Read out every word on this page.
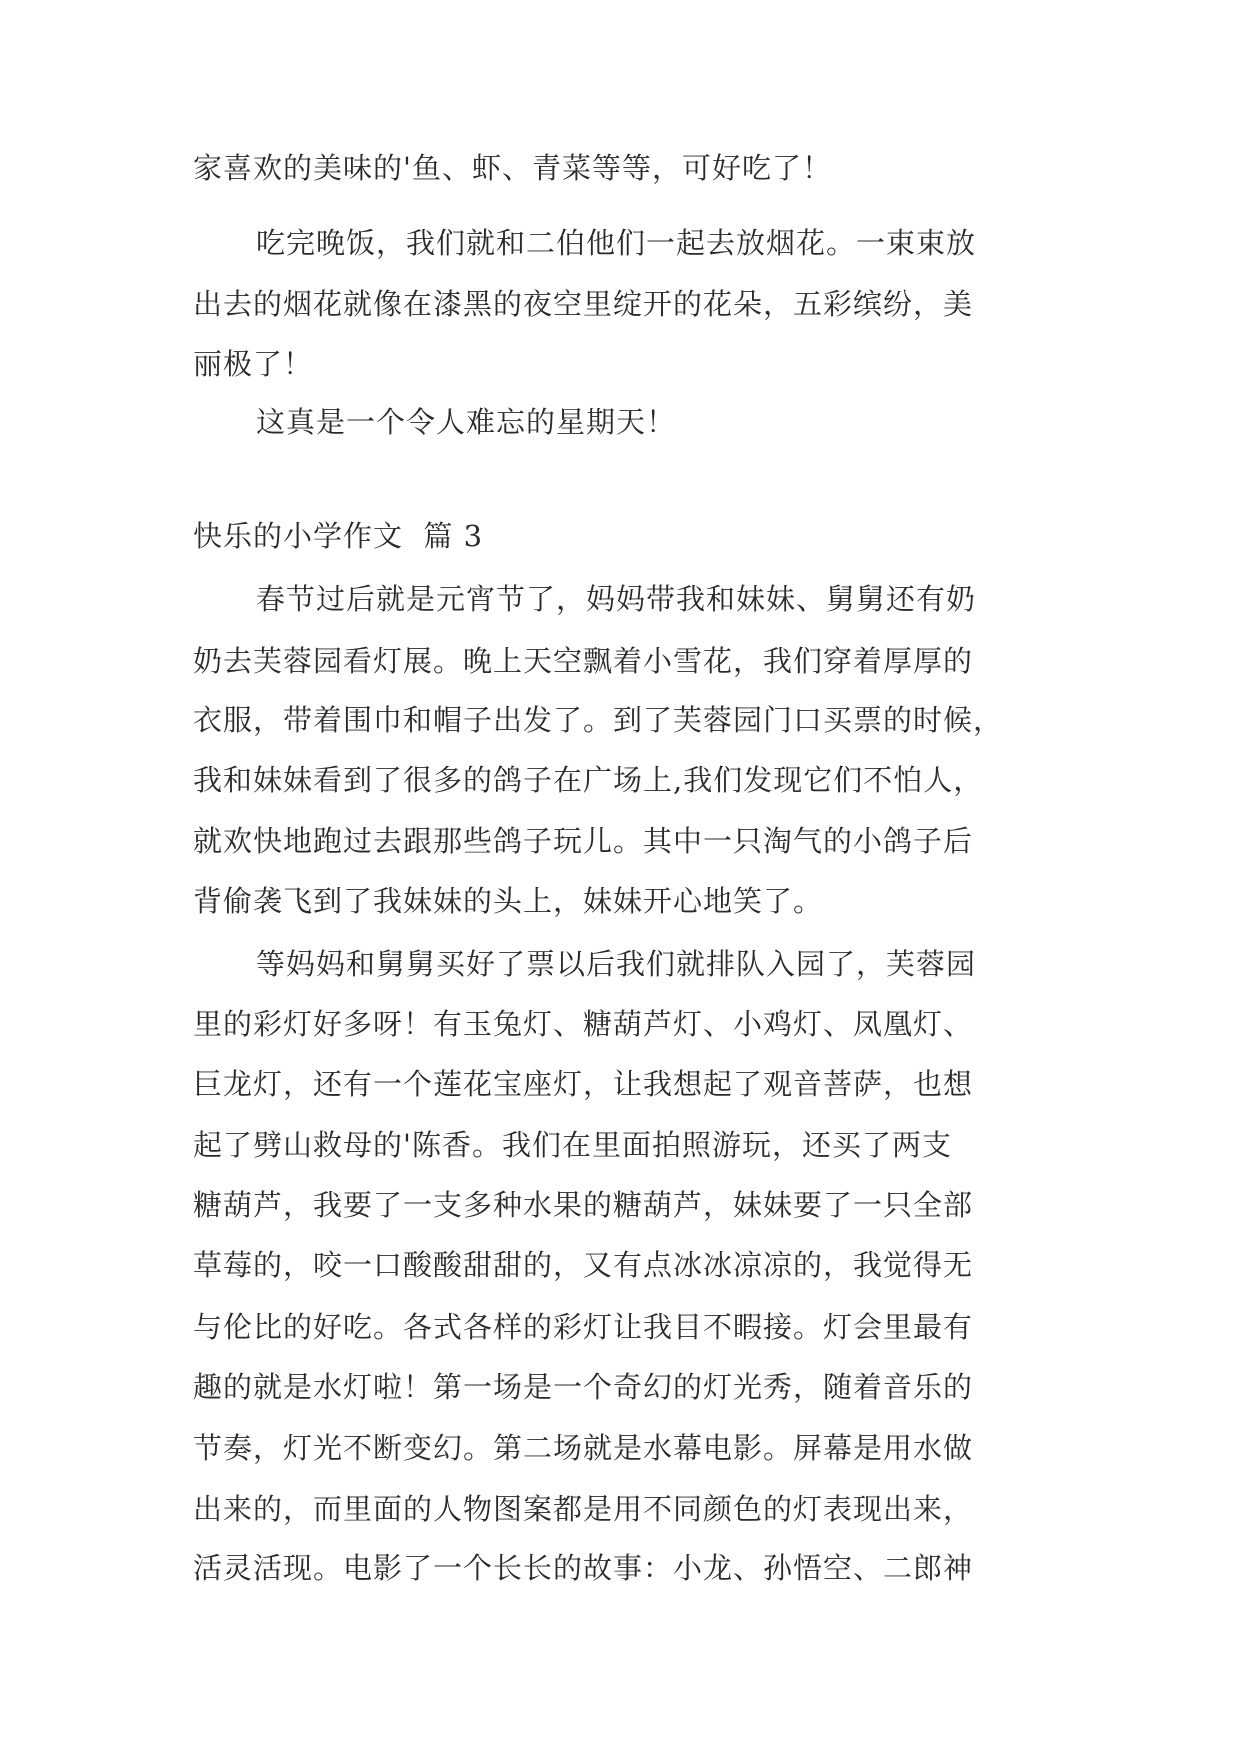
家喜欢的美味的'鱼、虾、青菜等等，可好吃了！
吃完晚饭，我们就和二伯他们一起去放烟花。一束束放
出去的烟花就像在漆黑的夜空里绽开的花朵，五彩缤纷，美
丽极了！
这真是一个令人难忘的星期天！
快乐的小学作文  篇 3
春节过后就是元宵节了，妈妈带我和妹妹、舅舅还有奶
奶去芙蓉园看灯展。晚上天空飘着小雪花，我们穿着厚厚的
衣服，带着围巾和帽子出发了。到了芙蓉园门口买票的时候，
我和妹妹看到了很多的鸽子在广场上,我们发现它们不怕人，
就欢快地跑过去跟那些鸽子玩儿。其中一只淘气的小鸽子后
背偷袭飞到了我妹妹的头上，妹妹开心地笑了。
等妈妈和舅舅买好了票以后我们就排队入园了，芙蓉园
里的彩灯好多呀！有玉兔灯、糖葫芦灯、小鸡灯、凤凰灯、
巨龙灯，还有一个莲花宝座灯，让我想起了观音菩萨，也想
起了劈山救母的'陈香。我们在里面拍照游玩，还买了两支
糖葫芦，我要了一支多种水果的糖葫芦，妹妹要了一只全部
草莓的，咬一口酸酸甜甜的，又有点冰冰凉凉的，我觉得无
与伦比的好吃。各式各样的彩灯让我目不暇接。灯会里最有
趣的就是水灯啦！第一场是一个奇幻的灯光秀，随着音乐的
节奏，灯光不断变幻。第二场就是水幕电影。屏幕是用水做
出来的，而里面的人物图案都是用不同颜色的灯表现出来，
活灵活现。电影了一个长长的故事：小龙、孙悟空、二郎神
